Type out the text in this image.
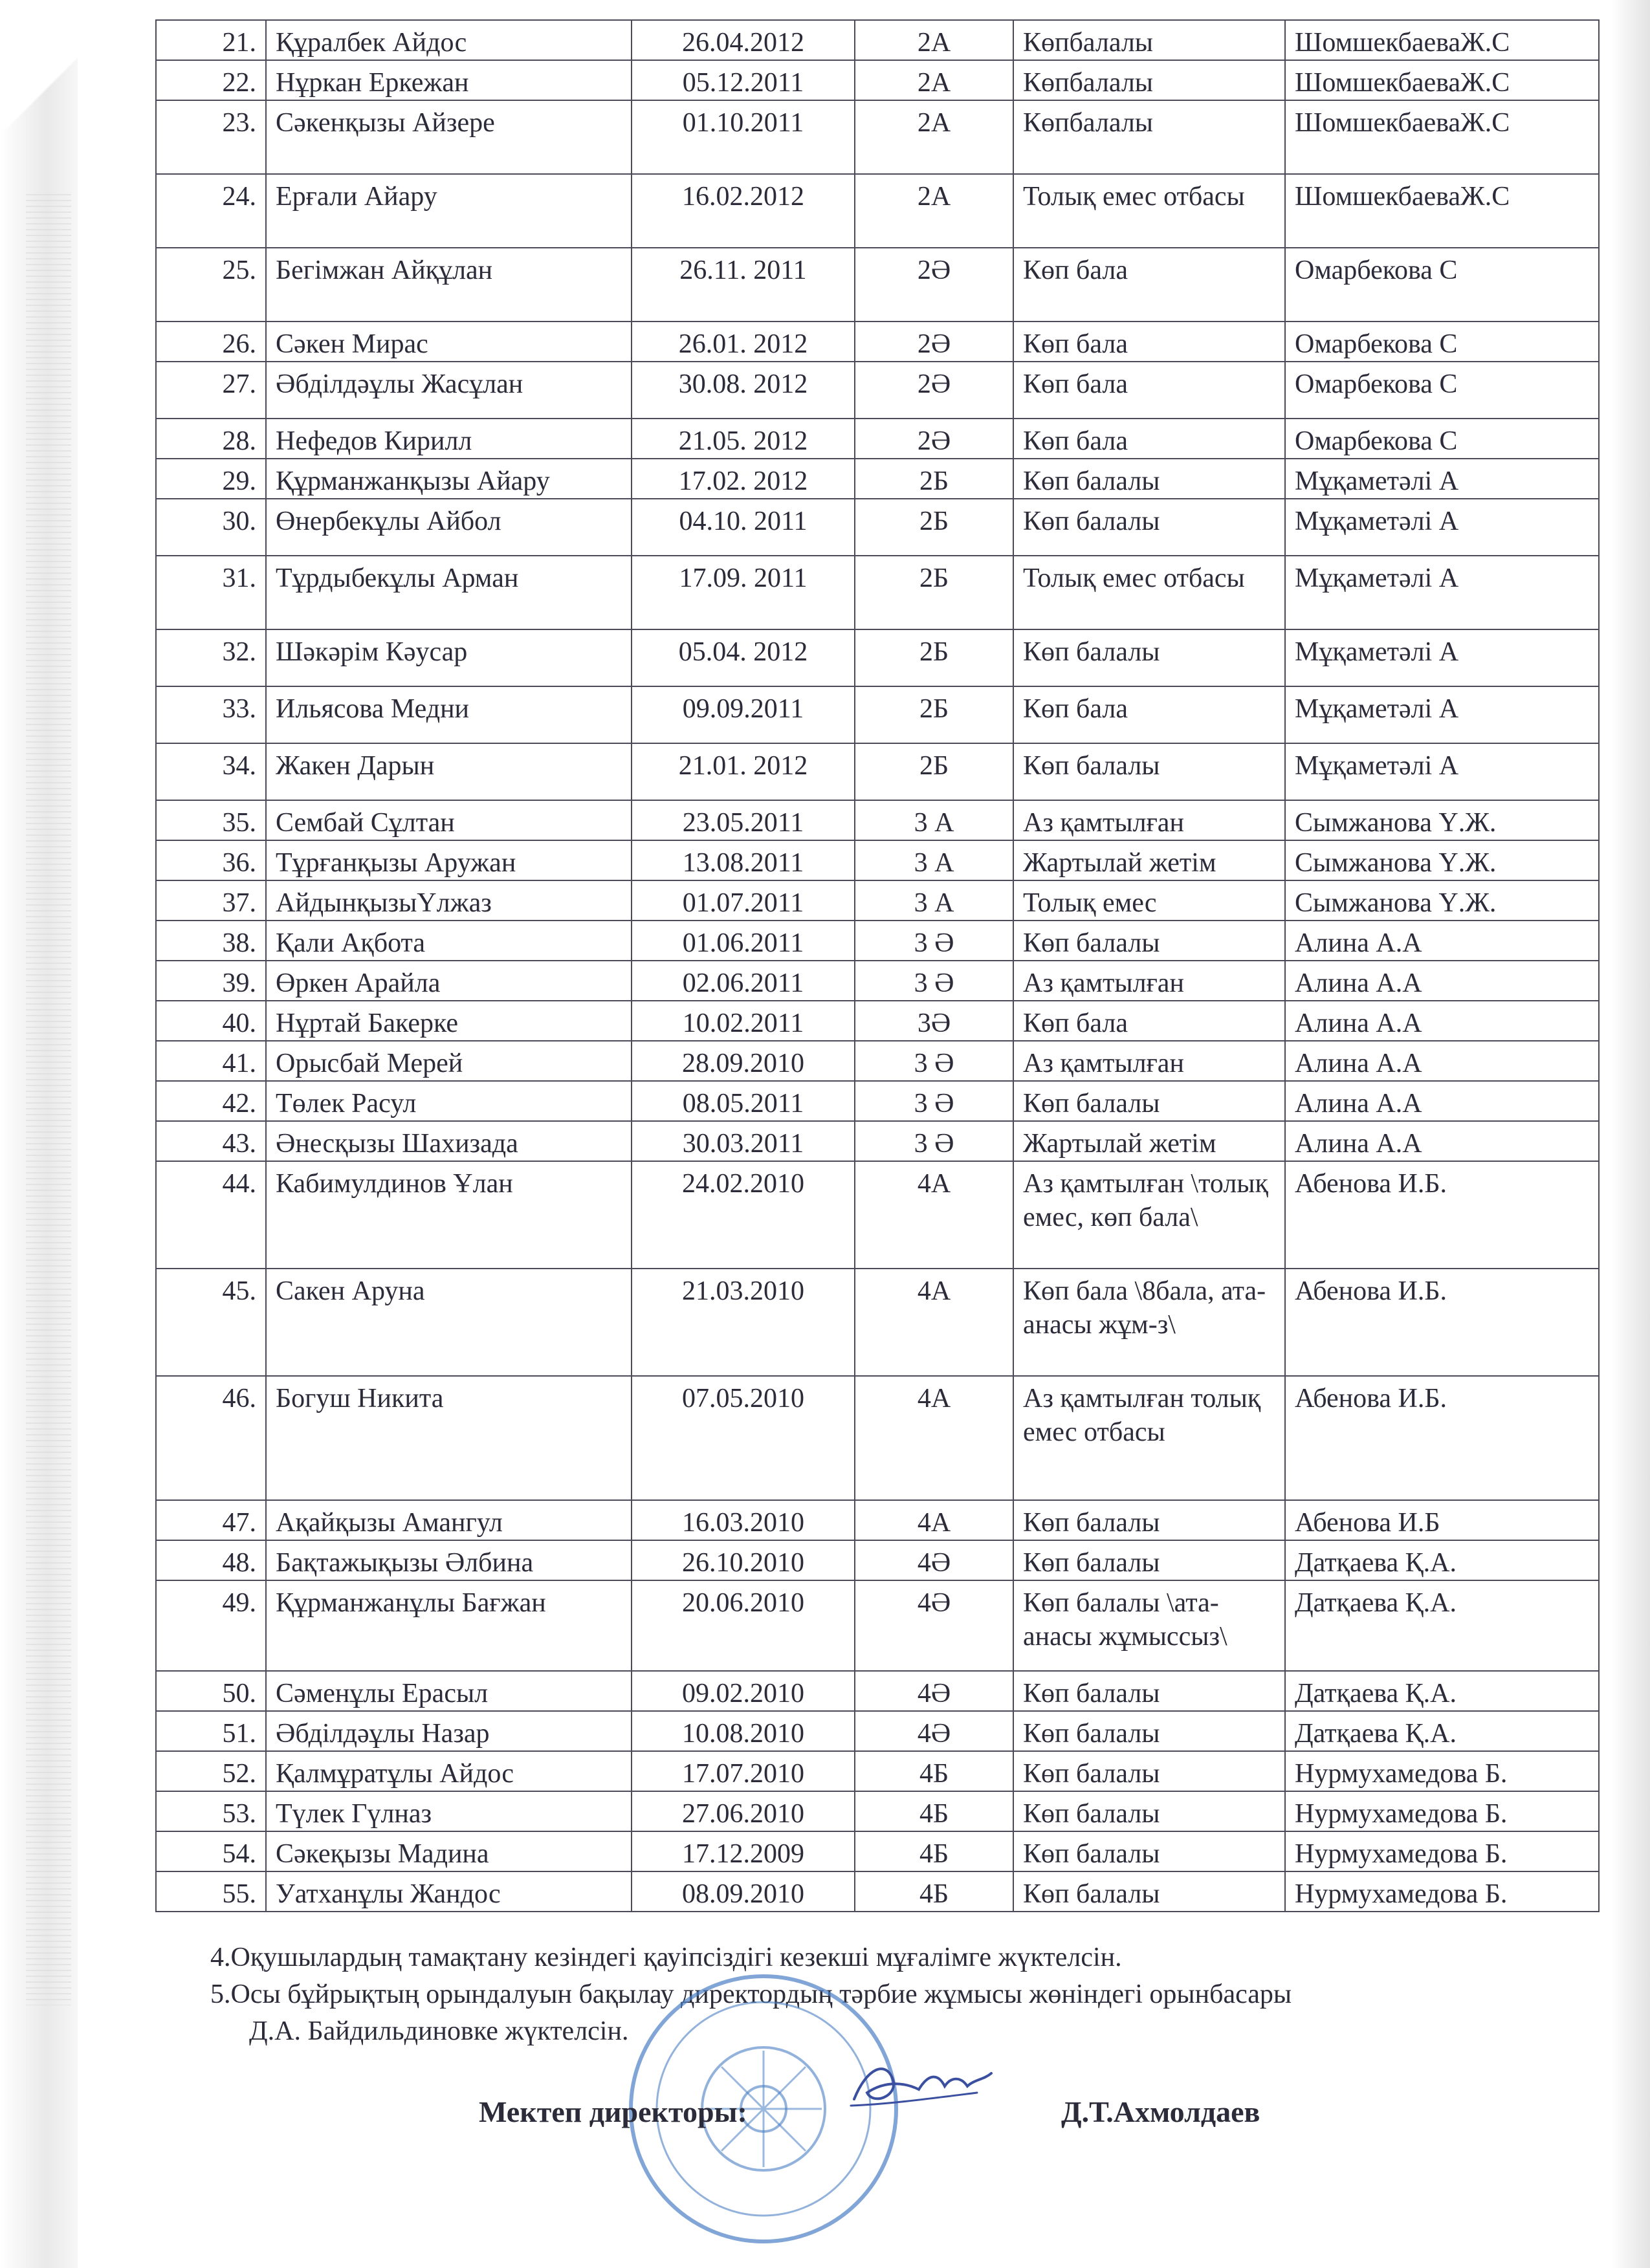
21.	Құралбек Айдос	26.04.2012	2А	Көпбалалы	ШомшекбаеваЖ.С
22.	Нұркан Еркежан	05.12.2011	2А	Көпбалалы	ШомшекбаеваЖ.С
23.	Сәкенқызы Айзере	01.10.2011	2А	Көпбалалы	ШомшекбаеваЖ.С
24.	Ерғали Айару	16.02.2012	2А	Толық емес отбасы	ШомшекбаеваЖ.С
25.	Бегімжан Айқұлан	26.11. 2011	2Ә	Көп бала	Омарбекова С
26.	Сәкен Мирас	26.01. 2012	2Ә	Көп бала	Омарбекова С
27.	Әбділдәұлы Жасұлан	30.08. 2012	2Ә	Көп бала	Омарбекова С
28.	Нефедов Кирилл	21.05. 2012	2Ә	Көп бала	Омарбекова С
29.	Құрманжанқызы Айару	17.02. 2012	2Б	Көп балалы	Мұқаметәлі А
30.	Өнербекұлы Айбол	04.10. 2011	2Б	Көп балалы	Мұқаметәлі А
31.	Тұрдыбекұлы Арман	17.09. 2011	2Б	Толық емес отбасы	Мұқаметәлі А
32.	Шәкәрім Кәусар	05.04. 2012	2Б	Көп балалы	Мұқаметәлі А
33.	Ильясова Медни	09.09.2011	2Б	Көп бала	Мұқаметәлі А
34.	Жакен Дарын	21.01. 2012	2Б	Көп балалы	Мұқаметәлі А
35.	Сембай Сұлтан	23.05.2011	3 А	Аз қамтылған	Сымжанова Ү.Ж.
36.	Тұрғанқызы Аружан	13.08.2011	3 А	Жартылай жетім	Сымжанова Ү.Ж.
37.	АйдынқызыҮлжаз	01.07.2011	3 А	Толық емес	Сымжанова Ү.Ж.
38.	Қали Ақбота	01.06.2011	3 Ә	Көп балалы	Алина А.А
39.	Өркен Арайлa	02.06.2011	3 Ә	Аз қамтылған	Алина А.А
40.	Нұртай Бакерке	10.02.2011	3Ә	Көп бала	Алина А.А
41.	Орысбай Мерей	28.09.2010	3 Ә	Аз қамтылған	Алина А.А
42.	Төлек Расул	08.05.2011	3 Ә	Көп балалы	Алина А.А
43.	Әнесқызы Шахизада	30.03.2011	3 Ә	Жартылай жетім	Алина А.А
44.	Кабимулдинов Ұлан	24.02.2010	4А	Аз қамтылған \толық емес, көп бала\	Абенова И.Б.
45.	Сакен Аруна	21.03.2010	4А	Көп бала \8бала, ата-анасы жұм-з\	Абенова И.Б.
46.	Богуш Никита	07.05.2010	4А	Аз қамтылған толық емес отбасы	Абенова И.Б.
47.	Ақайқызы Амангул	16.03.2010	4А	Көп балалы	Абенова И.Б
48.	Бақтажықызы Әлбина	26.10.2010	4Ә	Көп балалы	Датқаева Қ.А.
49.	Құрманжанұлы Бағжан	20.06.2010	4Ә	Көп балалы \ата-анасы жұмыссыз\	Датқаева Қ.А.
50.	Сәменұлы Ерасыл	09.02.2010	4Ә	Көп балалы	Датқаева Қ.А.
51.	Әбділдәұлы Назар	10.08.2010	4Ә	Көп балалы	Датқаева Қ.А.
52.	Қалмұратұлы Айдос	17.07.2010	4Б	Көп балалы	Нурмухамедова Б.
53.	Түлек Гүлназ	27.06.2010	4Б	Көп балалы	Нурмухамедова Б.
54.	Сәкеқызы Мадина	17.12.2009	4Б	Көп балалы	Нурмухамедова Б.
55.	Уатханұлы Жандос	08.09.2010	4Б	Көп балалы	Нурмухамедова Б.
4.Оқушылардың тамақтану кезіндегі қауіпсіздігі кезекші мұғалімге жүктелсін.
5.Осы бұйрықтың орындалуын бақылау директордың тәрбие жұмысы жөніндегі орынбасары
Д.А. Байдильдиновке жүктелсін.
Мектеп директоры:	Д.Т.Ахмолдаев
